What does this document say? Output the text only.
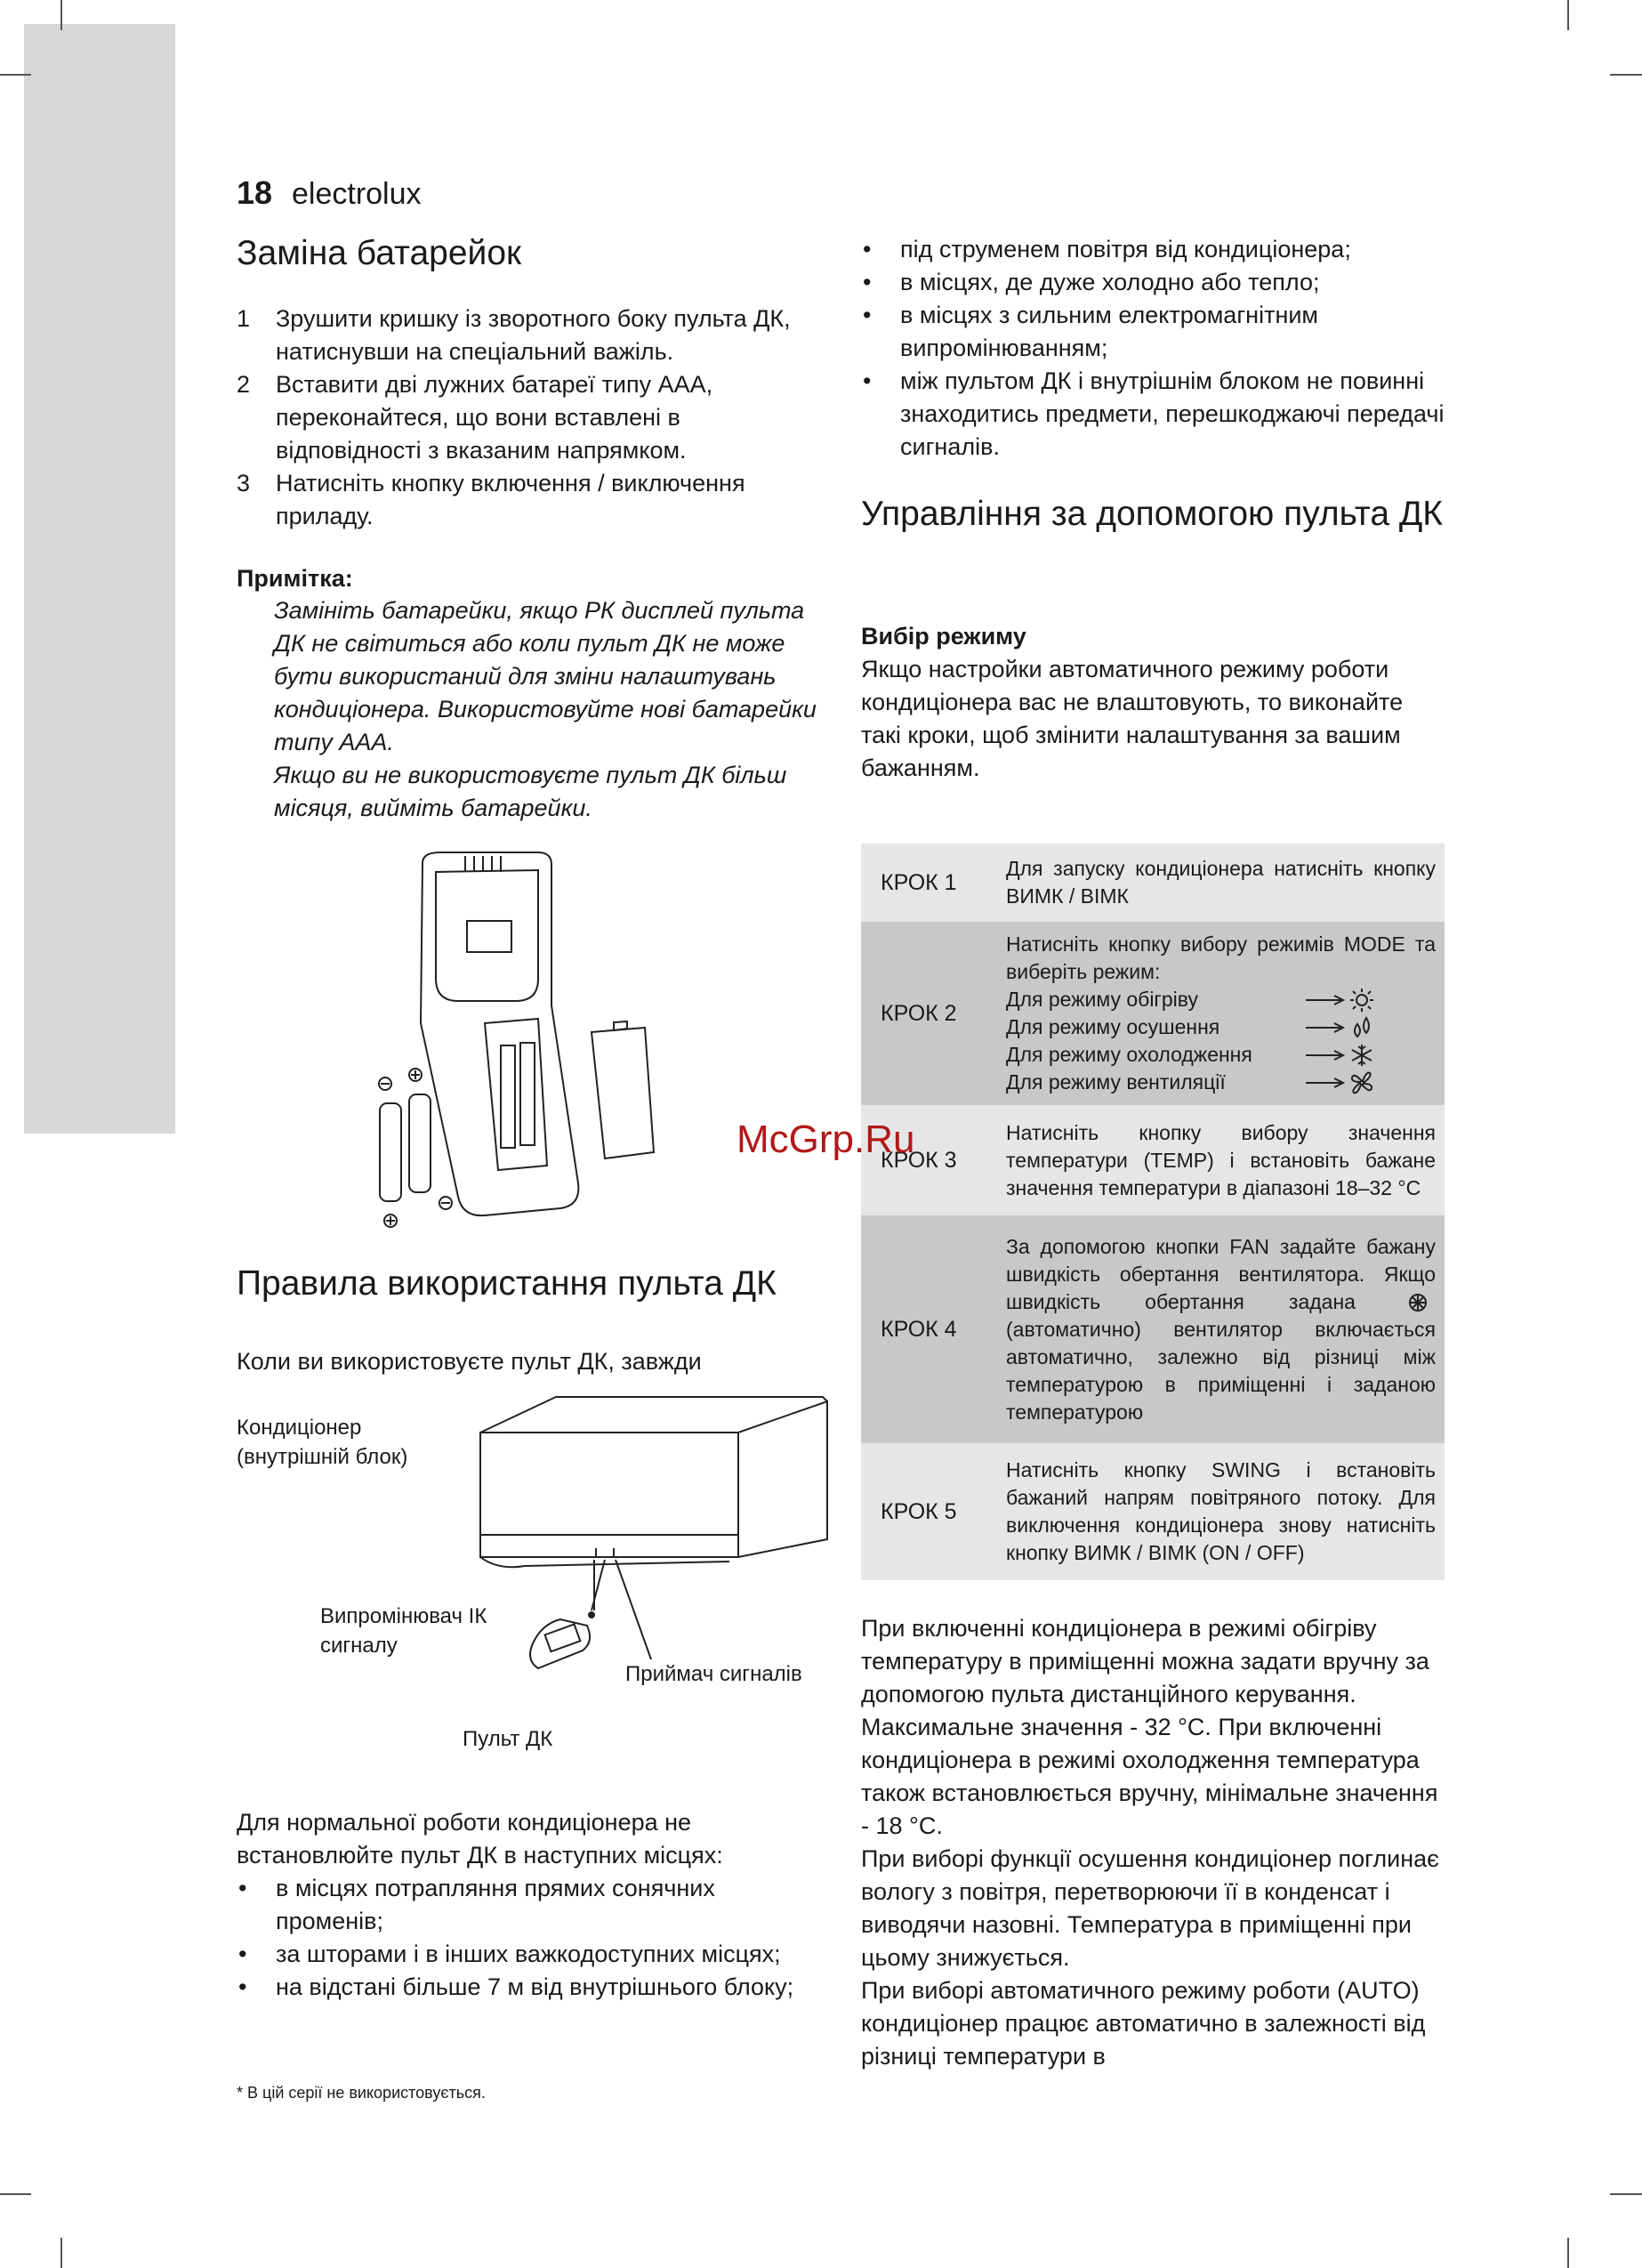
18 electrolux
Заміна батарейок
1	Зрушити кришку із зворотного боку пульта ДК, натиснувши на спеціальний важіль.
2	Вставити дві лужних батареї типу ААА, переконайтеся, що вони вставлені в відповідності з вказаним напрямком.
3	Натисніть кнопку включення / виключення приладу.
Примітка:
Замініть батарейки, якщо РК дисплей пульта ДК не світиться або коли пульт ДК не може бути використаний для зміни налаштувань кондиціонера. Використовуйте нові батарейки типу ААА.
Якщо ви не використовуєте пульт ДК більш місяця, вийміть батарейки.
Правила використання пульта ДК
Коли ви використовуєте пульт ДК, завжди
Кондиціонер (внутрішній блок)
Випромінювач ІК сигналу
Приймач сигналів
Пульт ДК
Для нормальної роботи кондиціонера не встановлюйте пульт ДК в наступних місцях:
• в місцях потрапляння прямих сонячних променів;
• за шторами і в інших важкодоступних місцях;
• на відстані більше 7 м від внутрішнього блоку;
• під струменем повітря від кондиціонера;
• в місцях, де дуже холодно або тепло;
• в місцях з сильним електромагнітним випромінюванням;
• між пультом ДК і внутрішнім блоком не повинні знаходитись предмети, перешкоджаючі передачі сигналів.
Управління за допомогою пульта ДК
Вибір режиму
Якщо настройки автоматичного режиму роботи кондиціонера вас не влаштовують, то виконайте такі кроки, щоб змінити налаштування за вашим бажанням.
КРОК 1	Для запуску кондиціонера натисніть кнопку ВИМК / ВІМК
КРОК 2	Натисніть кнопку вибору режимів MODE та виберіть режим:
Для режиму обігріву
Для режиму осушення
Для режиму охолодження
Для режиму вентиляції

КРОК 3	Натисніть кнопку вибору значення температури (TEMP) і встановіть бажане значення температури в діапазоні 18–32 °C
КРОК 4	За допомогою кнопки FAN задайте бажану швидкість обертання вентилятора. Якщо швидкість обертання задана  (автоматично) вентилятор включається автоматично, залежно від різниці між температурою в приміщенні і заданою температурою
КРОК 5	Натисніть кнопку SWING і встановіть бажаний напрям повітряного потоку. Для виключення кондиціонера знову натисніть кнопку ВИМК / ВІМК (ON / OFF)
При включенні кондиціонера в режимі обігріву температуру в приміщенні можна задати вручну за допомогою пульта дистанційного керування. Максимальне значення - 32 °C. При включенні кондиціонера в режимі охолодження температура також встановлюється вручну, мінімальне значення - 18 °C.
При виборі функції осушення кондиціонер поглинає вологу з повітря, перетворюючи її в конденсат і виводячи назовні. Температура в приміщенні при цьому знижується.
При виборі автоматичного режиму роботи (AUTO) кондиціонер працює автоматично в залежності від різниці температури в
McGrp.Ru
* В цій серії не використовується.
